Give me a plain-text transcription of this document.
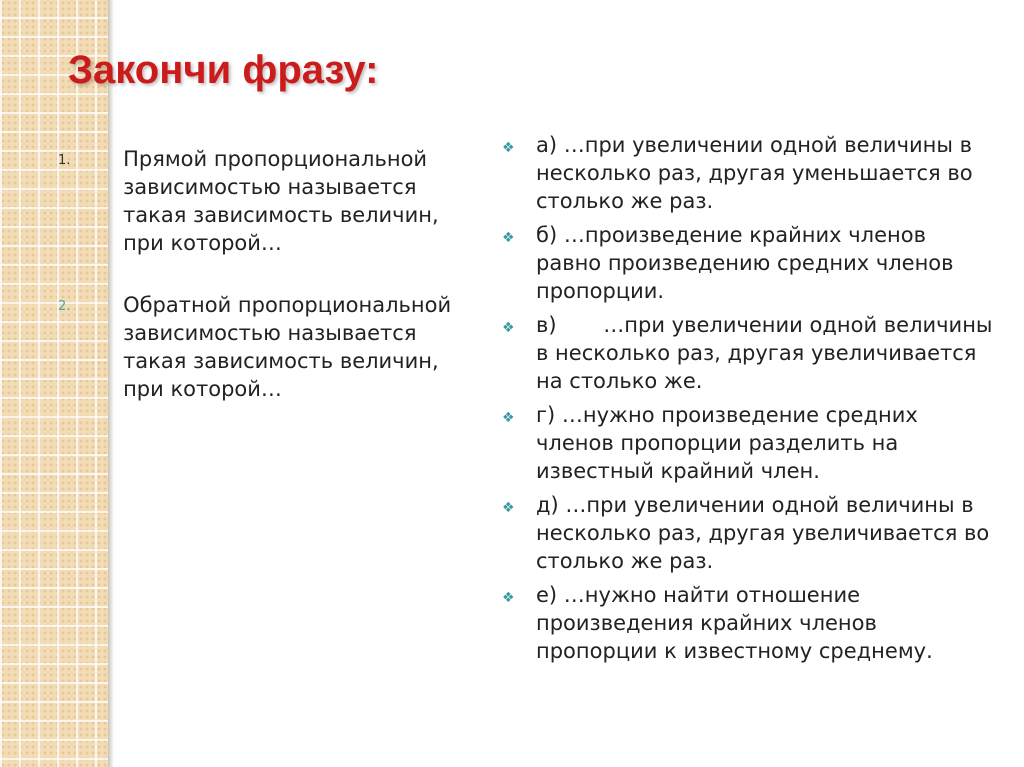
Закончи фразу:
1.	Прямой пропорциональной зависимостью называется такая зависимость величин, при которой…
2.	Обратной пропорциональной зависимостью называется такая зависимость величин, при которой…
❖	а) …при увеличении одной величины в несколько раз, другая уменьшается во столько же раз.
❖	б) …произведение крайних членов равно произведению средних членов пропорции.
❖	в)       …при увеличении одной величины в несколько раз, другая увеличивается на столько же.
❖	г) …нужно произведение средних членов пропорции разделить на известный крайний член.
❖	д) …при увеличении одной величины в несколько раз, другая увеличивается во столько же раз.
❖	е) …нужно найти отношение произведения крайних членов пропорции к известному среднему.
